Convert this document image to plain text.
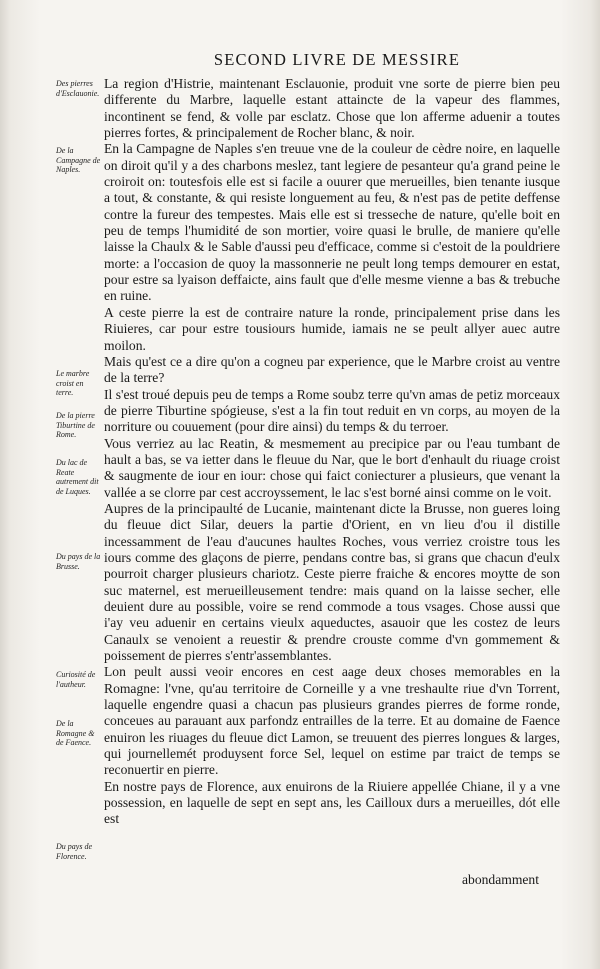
SECOND LIVRE DE MESSIRE
Des pierres d'Esclauonie.
De la Campagne de Naples.
Le marbre croist en terre.
De la pierre Tiburtine de Rome.
Du lac de Reate autrement dit de Luques.
Du pays de la Brusse.
Curiosité de l'autheur.
De la Romagne & de Faence.
Du pays de Florence.

La region d'Histrie, maintenant Esclauonie, produit vne sorte de pierre bien peu differente du Marbre, laquelle estant attaincte de la vapeur des flammes, incontinent se fend, & volle par esclatz. Chose que lon afferme aduenir a toutes pierres fortes, & principalement de Rocher blanc, & noir.

En la Campagne de Naples s'en treuue vne de la couleur de cèdre noire, en laquelle on diroit qu'il y a des charbons meslez, tant legiere de pesanteur qu'a grand peine le croiroit on: toutesfois elle est si facile a ouurer que merueilles, bien tenante iusque a tout, & constante, & qui resiste longuement au feu, & n'est pas de petite deffense contre la fureur des tempestes. Mais elle est si tresseche de nature, qu'elle boit en peu de temps l'humidité de son mortier, voire quasi le brulle, de maniere qu'elle laisse la Chaulx & le Sable d'aussi peu d'efficace, comme si c'estoit de la pouldriere morte: a l'occasion de quoy la massonnerie ne peult long temps demourer en estat, pour estre sa lyaison deffaicte, ains fault que d'elle mesme vienne a bas & trebuche en ruine.

A ceste pierre la est de contraire nature la ronde, principalement prise dans les Riuieres, car pour estre tousiours humide, iamais ne se peult allyer auec autre moilon.

Mais qu'est ce a dire qu'on a cogneu par experience, que le Marbre croist au ventre de la terre?

Il s'est troué depuis peu de temps a Rome soubz terre qu'vn amas de petiz morceaux de pierre Tiburtine spógieuse, s'est a la fin tout reduit en vn corps, au moyen de la norriture ou couuement (pour dire ainsi) du temps & du terroer.

Vous verriez au lac Reatin, & mesmement au precipice par ou l'eau tumbant de hault a bas, se va ietter dans le fleuue du Nar, que le bort d'enhault du riuage croist & saugmente de iour en iour: chose qui faict coniecturer a plusieurs, que venant la vallée a se clorre par cest accroyssement, le lac s'est borné ainsi comme on le voit.

Aupres de la principaulté de Lucanie, maintenant dicte la Brusse, non gueres loing du fleuue dict Silar, deuers la partie d'Orient, en vn lieu d'ou il distille incessamment de l'eau d'aucunes haultes Roches, vous verriez croistre tous les iours comme des glaçons de pierre, pendans contre bas, si grans que chacun d'eulx pourroit charger plusieurs chariotz. Ceste pierre fraiche & encores moytte de son suc maternel, est merueilleusement tendre: mais quand on la laisse secher, elle deuient dure au possible, voire se rend commode a tous vsages. Chose aussi que i'ay veu aduenir en certains vieulx aqueductes, asauoir que les costez de leurs Canaulx se venoient a reuestir & prendre crouste comme d'vn gommement & poissement de pierres s'entr'assemblantes.

Lon peult aussi veoir encores en cest aage deux choses memorables en la Romagne: l'vne, qu'au territoire de Corneille y a vne treshaulte riue d'vn Torrent, laquelle engendre quasi a chacun pas plusieurs grandes pierres de forme ronde, conceues au parauant aux parfondz entrailles de la terre. Et au domaine de Faence enuiron les riuages du fleuue dict Lamon, se treuuent des pierres longues & larges, qui journellemét produysent force Sel, lequel on estime par traict de temps se reconuertir en pierre.

En nostre pays de Florence, aux enuirons de la Riuiere appellée Chiane, il y a vne possession, en laquelle de sept en sept ans, les Cailloux durs a merueilles, dót elle est

abondamment
